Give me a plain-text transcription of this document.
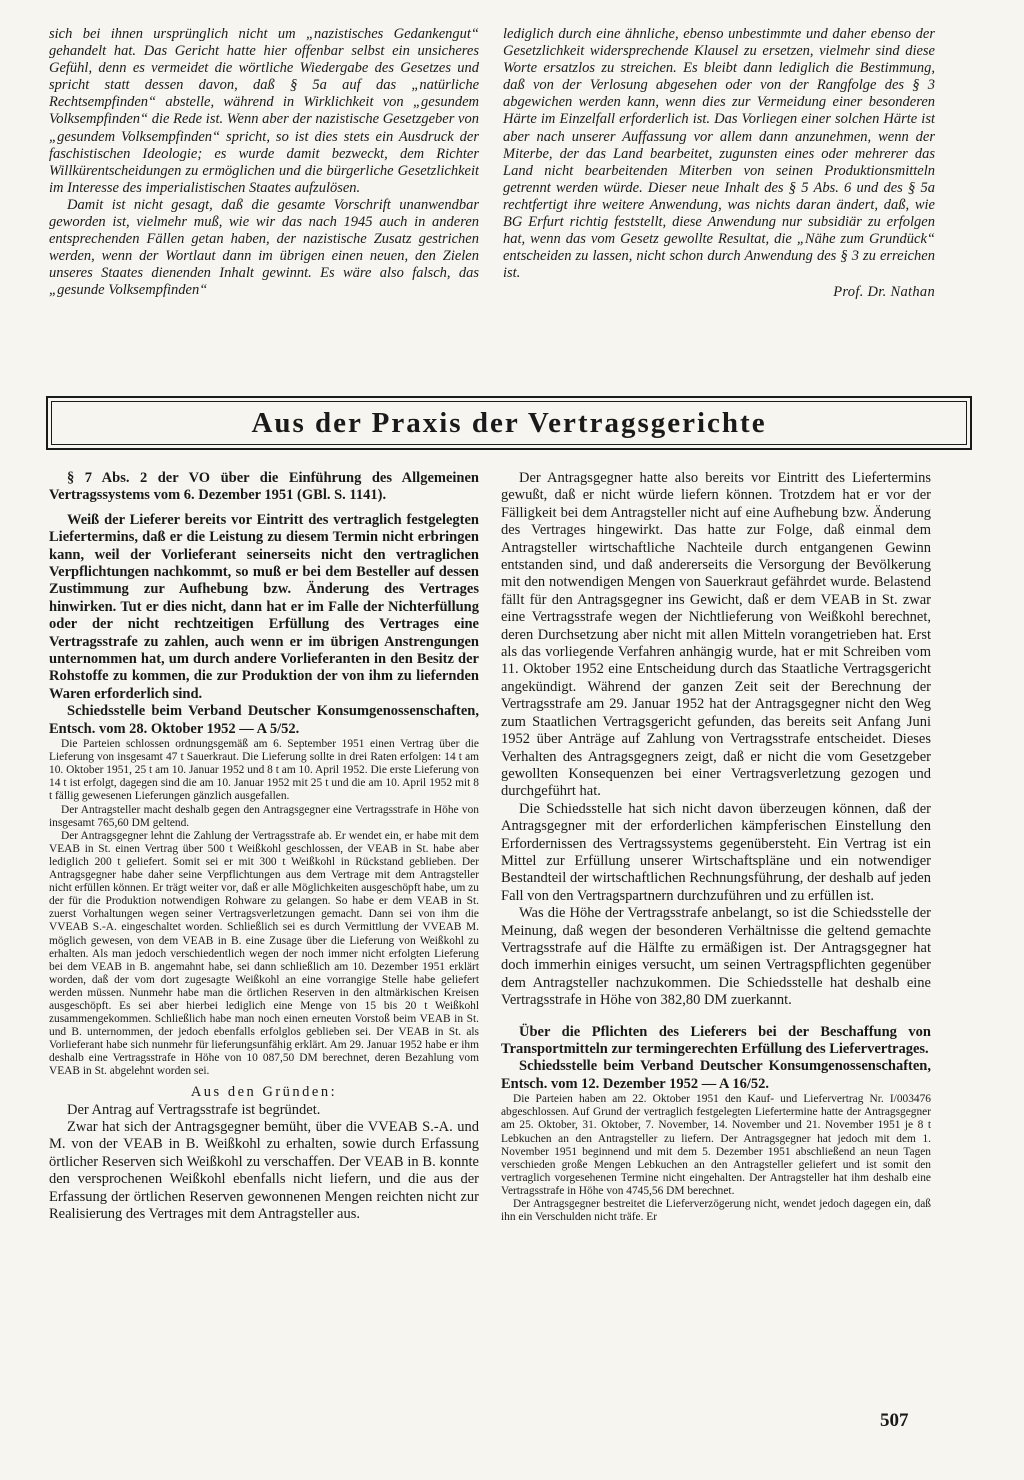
sich bei ihnen ursprünglich nicht um „nazistisches Gedankengut“ gehandelt hat. Das Gericht hatte hier offenbar selbst ein unsicheres Gefühl, denn es vermeidet die wörtliche Wiedergabe des Gesetzes und spricht statt dessen davon, daß § 5a auf das „natürliche Rechtsempfinden“ abstelle, während in Wirklichkeit von „gesundem Volksempfinden“ die Rede ist. Wenn aber der nazistische Gesetzgeber von „gesundem Volksempfinden“ spricht, so ist dies stets ein Ausdruck der faschistischen Ideologie; es wurde damit bezweckt, dem Richter Willkürentscheidungen zu ermöglichen und die bürgerliche Gesetzlichkeit im Interesse des imperialistischen Staates aufzulösen.

Damit ist nicht gesagt, daß die gesamte Vorschrift unanwendbar geworden ist, vielmehr muß, wie wir das nach 1945 auch in anderen entsprechenden Fällen getan haben, der nazistische Zusatz gestrichen werden, wenn der Wortlaut dann im übrigen einen neuen, den Zielen unseres Staates dienenden Inhalt gewinnt. Es wäre also falsch, das „gesunde Volksempfinden“

lediglich durch eine ähnliche, ebenso unbestimmte und daher ebenso der Gesetzlichkeit widersprechende Klausel zu ersetzen, vielmehr sind diese Worte ersatzlos zu streichen. Es bleibt dann lediglich die Bestimmung, daß von der Verlosung abgesehen oder von der Rangfolge des § 3 abgewichen werden kann, wenn dies zur Vermeidung einer besonderen Härte im Einzelfall erforderlich ist. Das Vorliegen einer solchen Härte ist aber nach unserer Auffassung vor allem dann anzunehmen, wenn der Miterbe, der das Land bearbeitet, zugunsten eines oder mehrerer das Land nicht bearbeitenden Miterben von seinen Produktionsmitteln getrennt werden würde. Dieser neue Inhalt des § 5 Abs. 6 und des § 5a rechtfertigt ihre weitere Anwendung, was nichts daran ändert, daß, wie BG Erfurt richtig feststellt, diese Anwendung nur subsidiär zu erfolgen hat, wenn das vom Gesetz gewollte Resultat, die „Nähe zum Grundück“ entscheiden zu lassen, nicht schon durch Anwendung des § 3 zu erreichen ist.

Prof. Dr. Nathan
Aus der Praxis der Vertragsgerichte

§ 7 Abs. 2 der VO über die Einführung des Allgemeinen Vertragssystems vom 6. Dezember 1951 (GBl. S. 1141).

Weiß der Lieferer bereits vor Eintritt des vertraglich festgelegten Liefertermins, daß er die Leistung zu diesem Termin nicht erbringen kann, weil der Vorlieferant seinerseits nicht den vertraglichen Verpflichtungen nachkommt, so muß er bei dem Besteller auf dessen Zustimmung zur Aufhebung bzw. Änderung des Vertrages hinwirken. Tut er dies nicht, dann hat er im Falle der Nichterfüllung oder der nicht rechtzeitigen Erfüllung des Vertrages eine Vertragsstrafe zu zahlen, auch wenn er im übrigen Anstrengungen unternommen hat, um durch andere Vorlieferanten in den Besitz der Rohstoffe zu kommen, die zur Produktion der von ihm zu liefernden Waren erforderlich sind.

Schiedsstelle beim Verband Deutscher Konsumgenossenschaften, Entsch. vom 28. Oktober 1952 — A 5/52.

Die Parteien schlossen ordnungsgemäß am 6. September 1951 einen Vertrag über die Lieferung von insgesamt 47 t Sauerkraut. Die Lieferung sollte in drei Raten erfolgen: 14 t am 10. Oktober 1951, 25 t am 10. Januar 1952 und 8 t am 10. April 1952. Die erste Lieferung von 14 t ist erfolgt, dagegen sind die am 10. Januar 1952 mit 25 t und die am 10. April 1952 mit 8 t fällig gewesenen Lieferungen gänzlich ausgefallen.

Der Antragsteller macht deshalb gegen den Antragsgegner eine Vertragsstrafe in Höhe von insgesamt 765,60 DM geltend.

Der Antragsgegner lehnt die Zahlung der Vertragsstrafe ab. Er wendet ein, er habe mit dem VEAB in St. einen Vertrag über 500 t Weißkohl geschlossen, der VEAB in St. habe aber lediglich 200 t geliefert. Somit sei er mit 300 t Weißkohl in Rückstand geblieben. Der Antragsgegner habe daher seine Verpflichtungen aus dem Vertrage mit dem Antragsteller nicht erfüllen können. Er trägt weiter vor, daß er alle Möglichkeiten ausgeschöpft habe, um zu der für die Produktion notwendigen Rohware zu gelangen. So habe er dem VEAB in St. zuerst Vorhaltungen wegen seiner Vertragsverletzungen gemacht. Dann sei von ihm die VVEAB S.-A. eingeschaltet worden. Schließlich sei es durch Vermittlung der VVEAB M. möglich gewesen, von dem VEAB in B. eine Zusage über die Lieferung von Weißkohl zu erhalten. Als man jedoch verschiedentlich wegen der noch immer nicht erfolgten Lieferung bei dem VEAB in B. angemahnt habe, sei dann schließlich am 10. Dezember 1951 erklärt worden, daß der vom dort zugesagte Weißkohl an eine vorrangige Stelle habe geliefert werden müssen. Nunmehr habe man die örtlichen Reserven in den altmärkischen Kreisen ausgeschöpft. Es sei aber hierbei lediglich eine Menge von 15 bis 20 t Weißkohl zusammengekommen. Schließlich habe man noch einen erneuten Vorstoß beim VEAB in St. und B. unternommen, der jedoch ebenfalls erfolglos geblieben sei. Der VEAB in St. als Vorlieferant habe sich nunmehr für lieferungsunfähig erklärt. Am 29. Januar 1952 habe er ihm deshalb eine Vertragsstrafe in Höhe von 10 087,50 DM berechnet, deren Bezahlung vom VEAB in St. abgelehnt worden sei.

Aus den Gründen:

Der Antrag auf Vertragsstrafe ist begründet.

Zwar hat sich der Antragsgegner bemüht, über die VVEAB S.-A. und M. von der VEAB in B. Weißkohl zu erhalten, sowie durch Erfassung örtlicher Reserven sich Weißkohl zu verschaffen. Der VEAB in B. konnte den versprochenen Weißkohl ebenfalls nicht liefern, und die aus der Erfassung der örtlichen Reserven gewonnenen Mengen reichten nicht zur Realisierung des Vertrages mit dem Antragsteller aus.

Der Antragsgegner hatte also bereits vor Eintritt des Liefertermins gewußt, daß er nicht würde liefern können. Trotzdem hat er vor der Fälligkeit bei dem Antragsteller nicht auf eine Aufhebung bzw. Änderung des Vertrages hingewirkt. Das hatte zur Folge, daß einmal dem Antragsteller wirtschaftliche Nachteile durch entgangenen Gewinn entstanden sind, und daß andererseits die Versorgung der Bevölkerung mit den notwendigen Mengen von Sauerkraut gefährdet wurde. Belastend fällt für den Antragsgegner ins Gewicht, daß er dem VEAB in St. zwar eine Vertragsstrafe wegen der Nichtlieferung von Weißkohl berechnet, deren Durchsetzung aber nicht mit allen Mitteln vorangetrieben hat. Erst als das vorliegende Verfahren anhängig wurde, hat er mit Schreiben vom 11. Oktober 1952 eine Entscheidung durch das Staatliche Vertragsgericht angekündigt. Während der ganzen Zeit seit der Berechnung der Vertragsstrafe am 29. Januar 1952 hat der Antragsgegner nicht den Weg zum Staatlichen Vertragsgericht gefunden, das bereits seit Anfang Juni 1952 über Anträge auf Zahlung von Vertragsstrafe entscheidet. Dieses Verhalten des Antragsgegners zeigt, daß er nicht die vom Gesetzgeber gewollten Konsequenzen bei einer Vertragsverletzung gezogen und durchgeführt hat.

Die Schiedsstelle hat sich nicht davon überzeugen können, daß der Antragsgegner mit der erforderlichen kämpferischen Einstellung den Erfordernissen des Vertragssystems gegenübersteht. Ein Vertrag ist ein Mittel zur Erfüllung unserer Wirtschaftspläne und ein notwendiger Bestandteil der wirtschaftlichen Rechnungsführung, der deshalb auf jeden Fall von den Vertragspartnern durchzuführen und zu erfüllen ist.

Was die Höhe der Vertragsstrafe anbelangt, so ist die Schiedsstelle der Meinung, daß wegen der besonderen Verhältnisse die geltend gemachte Vertragsstrafe auf die Hälfte zu ermäßigen ist. Der Antragsgegner hat doch immerhin einiges versucht, um seinen Vertragspflichten gegenüber dem Antragsteller nachzukommen. Die Schiedsstelle hat deshalb eine Vertragsstrafe in Höhe von 382,80 DM zuerkannt.

Über die Pflichten des Lieferers bei der Beschaffung von Transportmitteln zur termingerechten Erfüllung des Liefervertrages.

Schiedsstelle beim Verband Deutscher Konsumgenossenschaften, Entsch. vom 12. Dezember 1952 — A 16/52.

Die Parteien haben am 22. Oktober 1951 den Kauf- und Liefervertrag Nr. I/003476 abgeschlossen. Auf Grund der vertraglich festgelegten Liefertermine hatte der Antragsgegner am 25. Oktober, 31. Oktober, 7. November, 14. November und 21. November 1951 je 8 t Lebkuchen an den Antragsteller zu liefern. Der Antragsgegner hat jedoch mit dem 1. November 1951 beginnend und mit dem 5. Dezember 1951 abschließend an neun Tagen verschieden große Mengen Lebkuchen an den Antragsteller geliefert und ist somit den vertraglich vorgesehenen Termine nicht eingehalten. Der Antragsteller hat ihm deshalb eine Vertragsstrafe in Höhe von 4745,56 DM berechnet.

Der Antragsgegner bestreitet die Lieferverzögerung nicht, wendet jedoch dagegen ein, daß ihn ein Verschulden nicht träfe. Er

507
